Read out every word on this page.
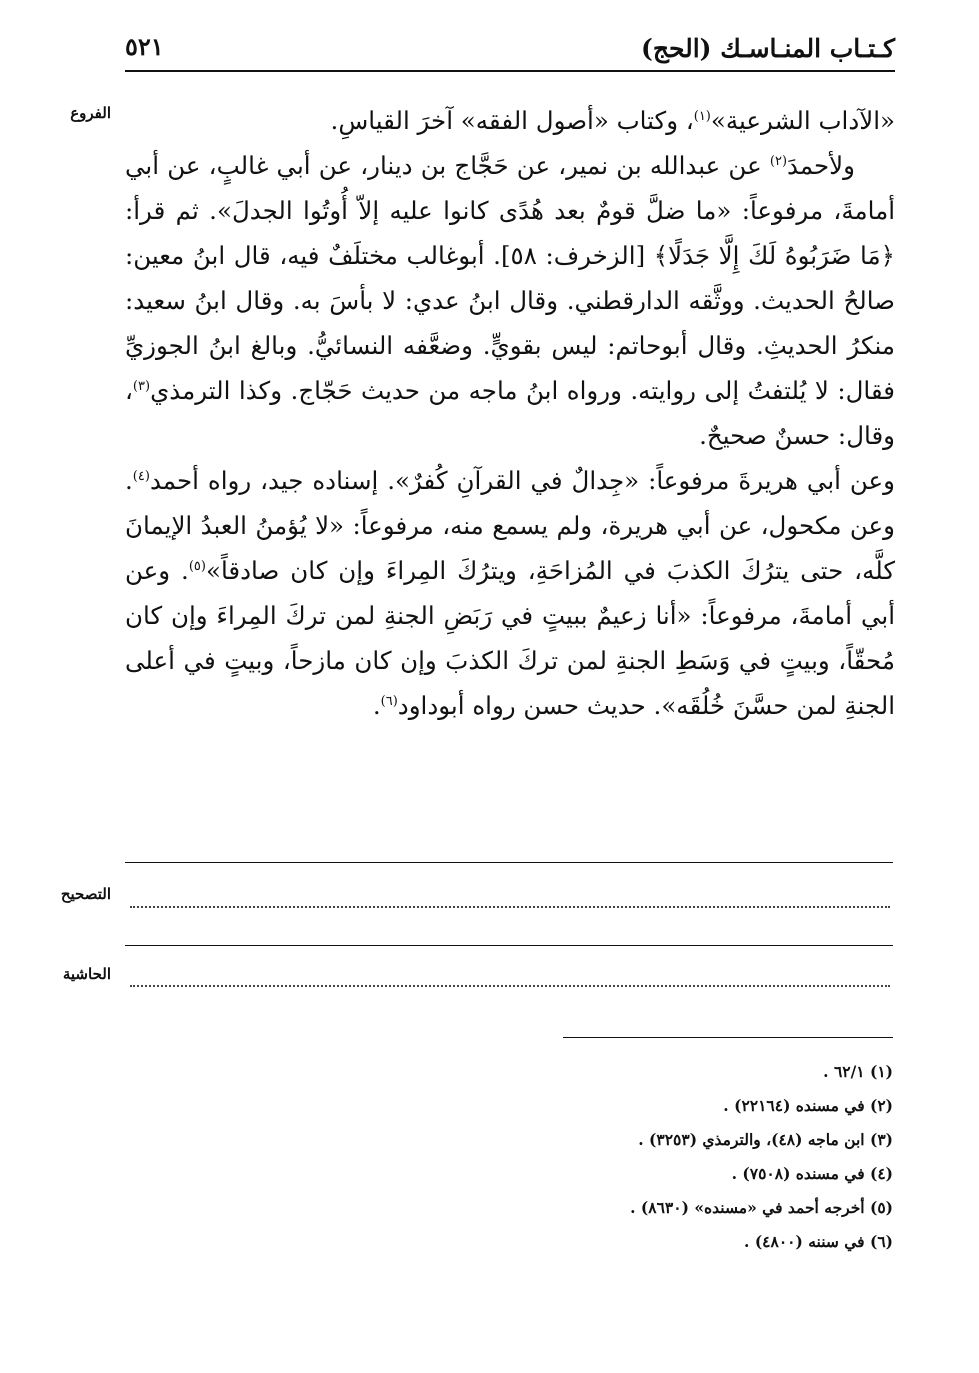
كـتـاب المنـاسـك (الحج)
٥٢١
الفروع	«الآداب الشرعية»$^{(١)}$، وكتاب «أصول الفقه» آخرَ القياسِ.

ولأحمدَ$^{(٢)}$ عن عبدالله بن نمير، عن حَجَّاج بن دينار، عن أبي غالبٍ، عن أبي أمامةَ، مرفوعاً: «ما ضلَّ قومٌ بعد هُدًى كانوا عليه إلاّ أُوتُوا الجدلَ». ثم قرأ: ﴿مَا ضَرَبُوهُ لَكَ إِلَّا جَدَلًا﴾ [الزخرف: ٥٨]. أبوغالب مختلَفٌ فيه، قال ابنُ معين: صالحُ الحديث. ووثَّقه الدارقطني. وقال ابنُ عدي: لا بأسَ به. وقال ابنُ سعيد: منكرُ الحديثِ. وقال أبوحاتم: ليس بقويٍّ. وضعَّفه النسائيُّ. وبالغ ابنُ الجوزيِّ فقال: لا يُلتفتُ إلى روايته. ورواه ابنُ ماجه من حديث حَجّاج. وكذا الترمذي$^{(٣)}$، وقال: حسنٌ صحيحٌ.

وعن أبي هريرةَ مرفوعاً: «جِدالٌ في القرآنِ كُفرٌ». إسناده جيد، رواه أحمد$^{(٤)}$. وعن مكحول، عن أبي هريرة، ولم يسمع منه، مرفوعاً: «لا يُؤمنُ العبدُ الإيمانَ كلَّه، حتى يترُكَ الكذبَ في المُزاحَةِ، ويترُكَ المِراءَ وإن كان صادقاً»$^{(٥)}$. وعن أبي أمامةَ، مرفوعاً: «أنا زعيمٌ ببيتٍ في رَبَضِ الجنةِ لمن تركَ المِراءَ وإن كان مُحقّاً، وبيتٍ في وَسَطِ الجنةِ لمن تركَ الكذبَ وإن كان مازحاً، وبيتٍ في أعلى الجنةِ لمن حسَّنَ خُلُقَه». حديث حسن رواه أبوداود$^{(٦)}$.

التصحيح
الحاشية
(١) ٦٢/١ .
(٢) في مسنده (٢٢١٦٤) .
(٣) ابن ماجه (٤٨)، والترمذي (٣٢٥٣) .
(٤) في مسنده (٧٥٠٨) .
(٥) أخرجه أحمد في «مسنده» (٨٦٣٠) .
(٦) في سننه (٤٨٠٠) .
